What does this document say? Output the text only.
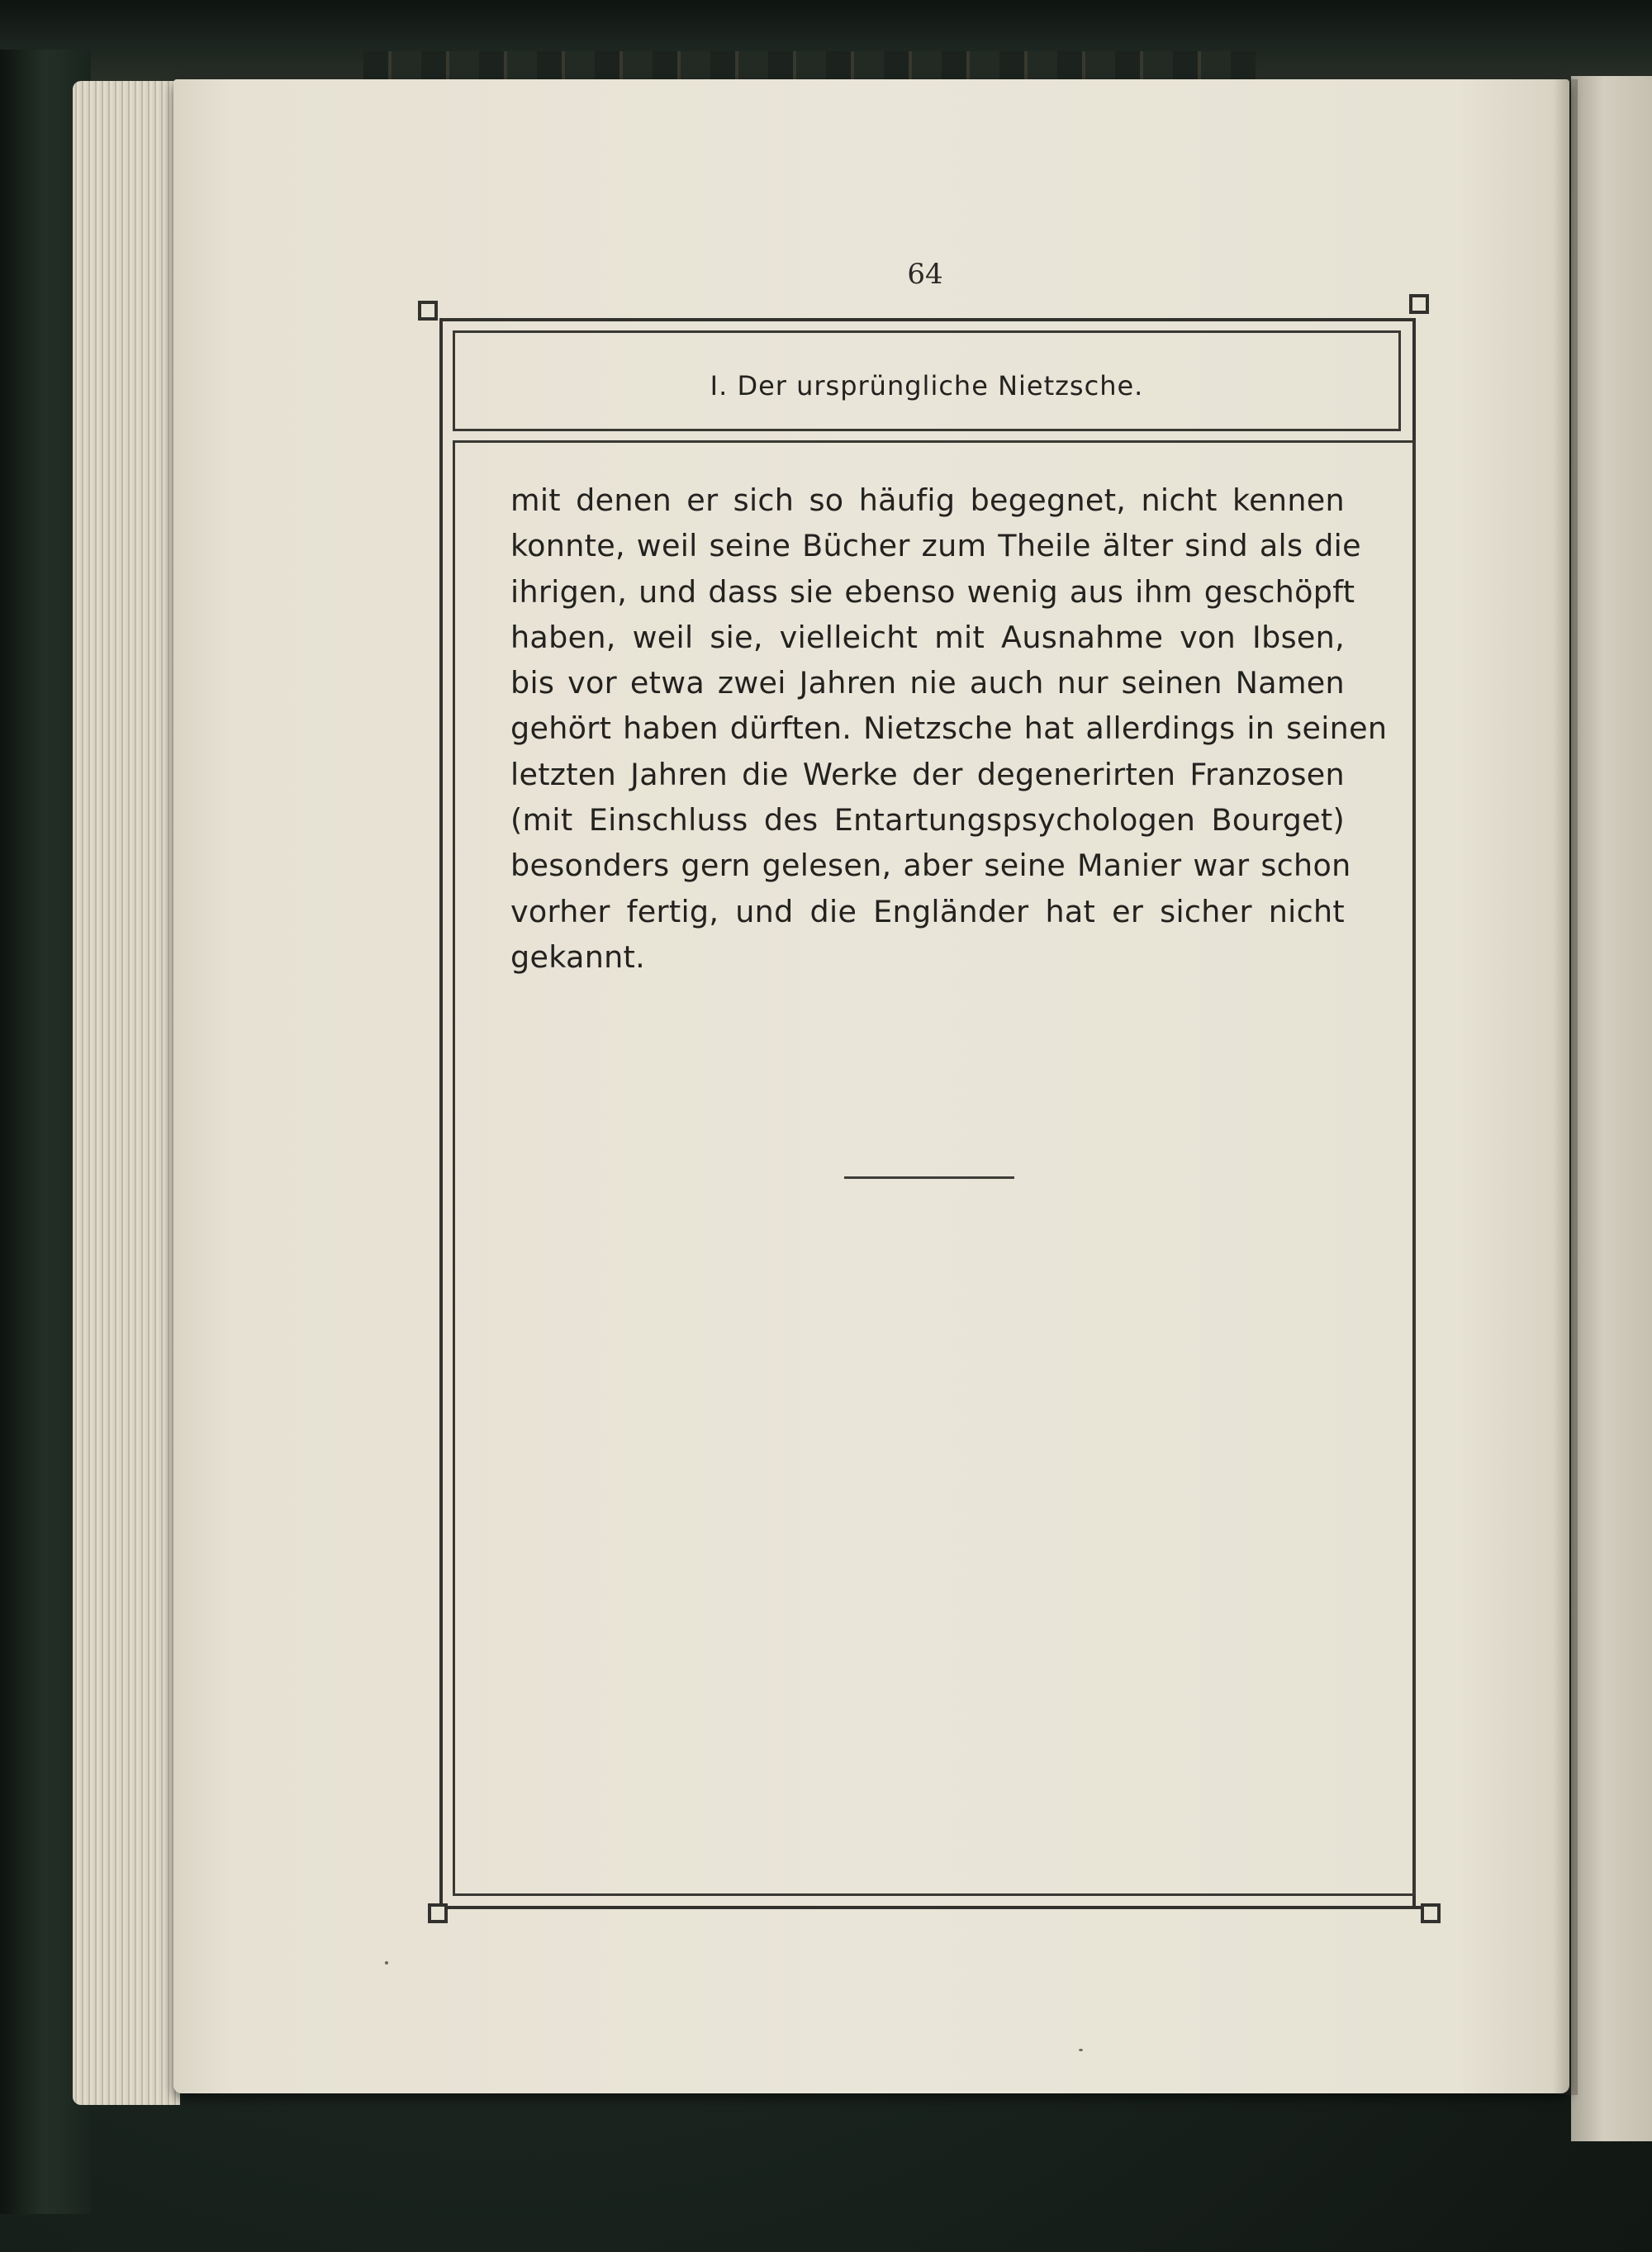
64
I. Der ursprüngliche Nietzsche.
mit denen er sich so häufig begegnet, nicht kennen
konnte, weil seine Bücher zum Theile älter sind als die
ihrigen, und dass sie ebenso wenig aus ihm geschöpft
haben, weil sie, vielleicht mit Ausnahme von Ibsen,
bis vor etwa zwei Jahren nie auch nur seinen Namen
gehört haben dürften. Nietzsche hat allerdings in seinen
letzten Jahren die Werke der degenerirten Franzosen
(mit Einschluss des Entartungspsychologen Bourget)
besonders gern gelesen, aber seine Manier war schon
vorher fertig, und die Engländer hat er sicher nicht
gekannt.
